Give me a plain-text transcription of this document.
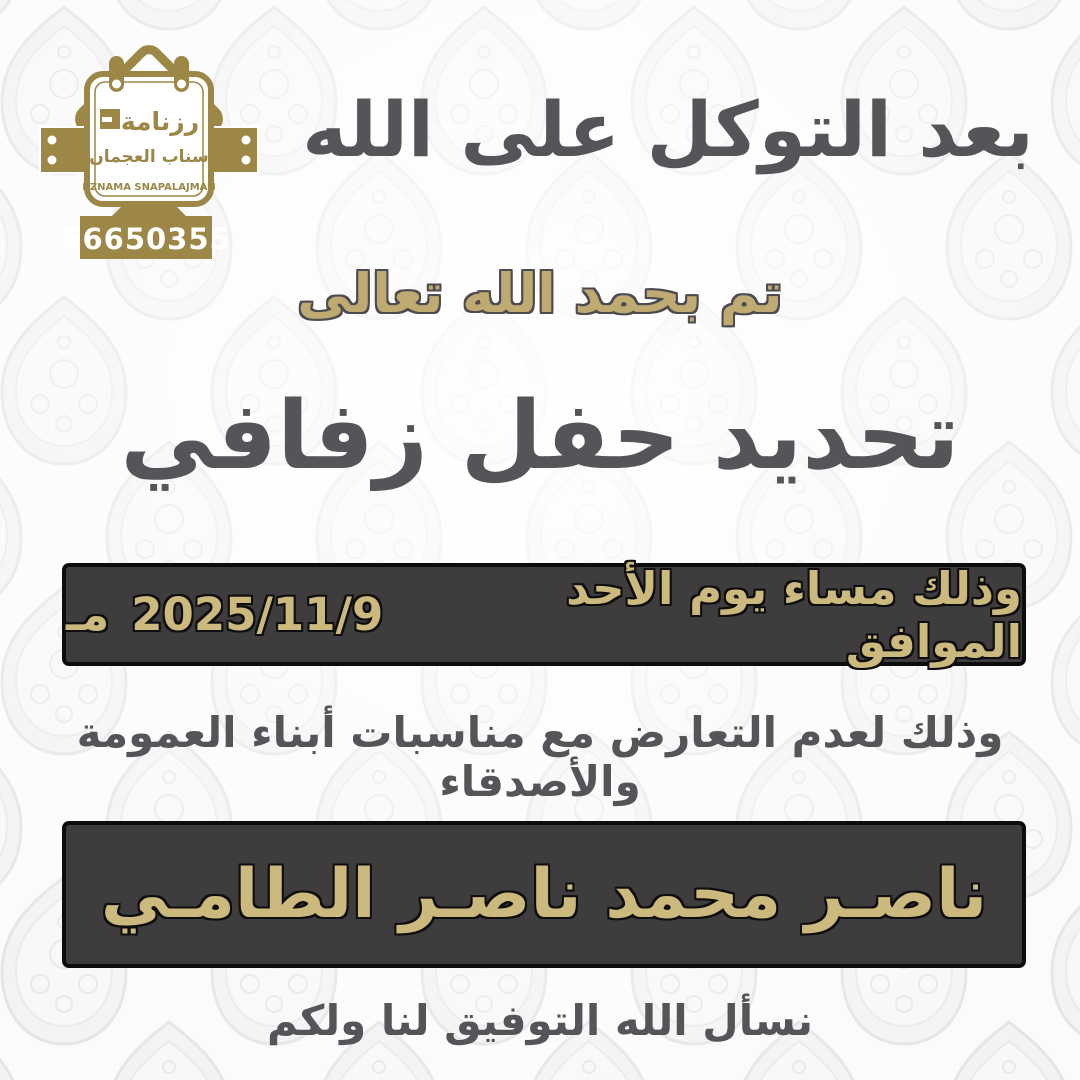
66650355
رزنامة
سناب العجمان
RZNAMA SNAPALAJMAN
بعد التوكل على الله
تم بحمد الله تعالى
تحديد حفل زفافي
وذلك مساء يوم الأحد الموافق
2025/11/9
مـ
وذلك لعدم التعارض مع مناسبات أبناء العمومة والأصدقاء
ناصـر محمد ناصـر الطامـي
نسأل الله التوفيق لنا ولكم
